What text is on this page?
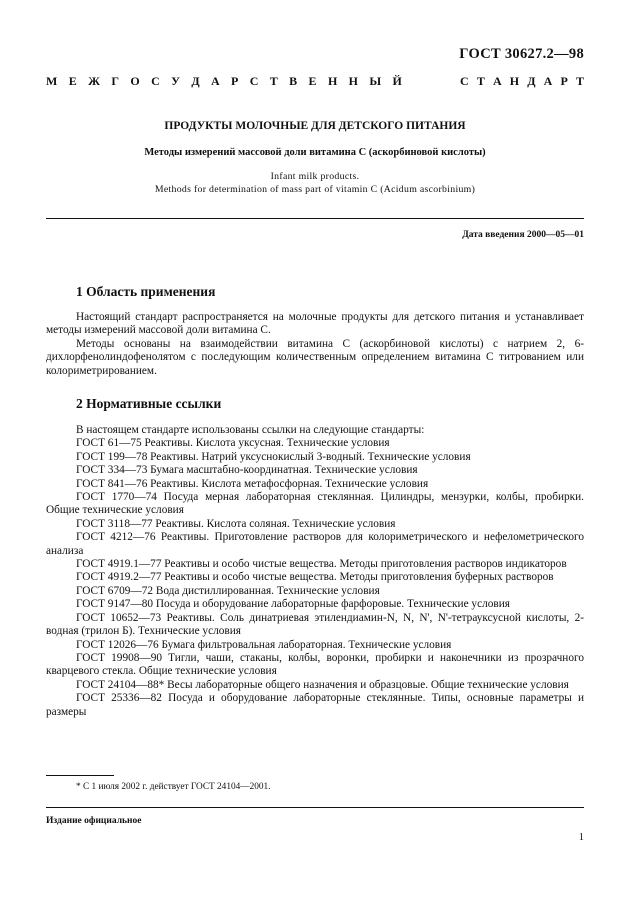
ГОСТ 30627.2—98
М Е Ж Г О С У Д А Р С Т В Е Н Н Ы Й	С Т А Н Д А Р Т
ПРОДУКТЫ МОЛОЧНЫЕ ДЛЯ ДЕТСКОГО ПИТАНИЯ
Методы измерений массовой доли витамина С (аскорбиновой кислоты)
Infant milk products.
Methods for determination of mass part of vitamin C (Acidum ascorbinium)
Дата введения 2000—05—01
1 Область применения

Настоящий стандарт распространяется на молочные продукты для детского питания и устанавливает методы измерений массовой доли витамина С.

Методы основаны на взаимодействии витамина С (аскорбиновой кислоты) с натрием 2, 6-дихлорфенолиндофенолятом с последующим количественным определением витамина С титрованием или колориметрированием.

2 Нормативные ссылки

В настоящем стандарте использованы ссылки на следующие стандарты:

ГОСТ 61—75 Реактивы. Кислота уксусная. Технические условия

ГОСТ 199—78 Реактивы. Натрий уксуснокислый 3-водный. Технические условия

ГОСТ 334—73 Бумага масштабно-координатная. Технические условия

ГОСТ 841—76 Реактивы. Кислота метафосфорная. Технические условия

ГОСТ 1770—74 Посуда мерная лабораторная стеклянная. Цилиндры, мензурки, колбы, пробирки. Общие технические условия

ГОСТ 3118—77 Реактивы. Кислота соляная. Технические условия

ГОСТ 4212—76 Реактивы. Приготовление растворов для колориметрического и нефелометрического анализа

ГОСТ 4919.1—77 Реактивы и особо чистые вещества. Методы приготовления растворов индикаторов

ГОСТ 4919.2—77 Реактивы и особо чистые вещества. Методы приготовления буферных растворов

ГОСТ 6709—72 Вода дистиллированная. Технические условия

ГОСТ 9147—80 Посуда и оборудование лабораторные фарфоровые. Технические условия

ГОСТ 10652—73 Реактивы. Соль динатриевая этилендиамин-N, N, N', N'-тетрауксусной кислоты, 2-водная (трилон Б). Технические условия

ГОСТ 12026—76 Бумага фильтровальная лабораторная. Технические условия

ГОСТ 19908—90 Тигли, чаши, стаканы, колбы, воронки, пробирки и наконечники из прозрачного кварцевого стекла. Общие технические условия

ГОСТ 24104—88* Весы лабораторные общего назначения и образцовые. Общие технические условия

ГОСТ 25336—82 Посуда и оборудование лабораторные стеклянные. Типы, основные параметры и размеры

* С 1 июля 2002 г. действует ГОСТ 24104—2001.
Издание официальное
1
